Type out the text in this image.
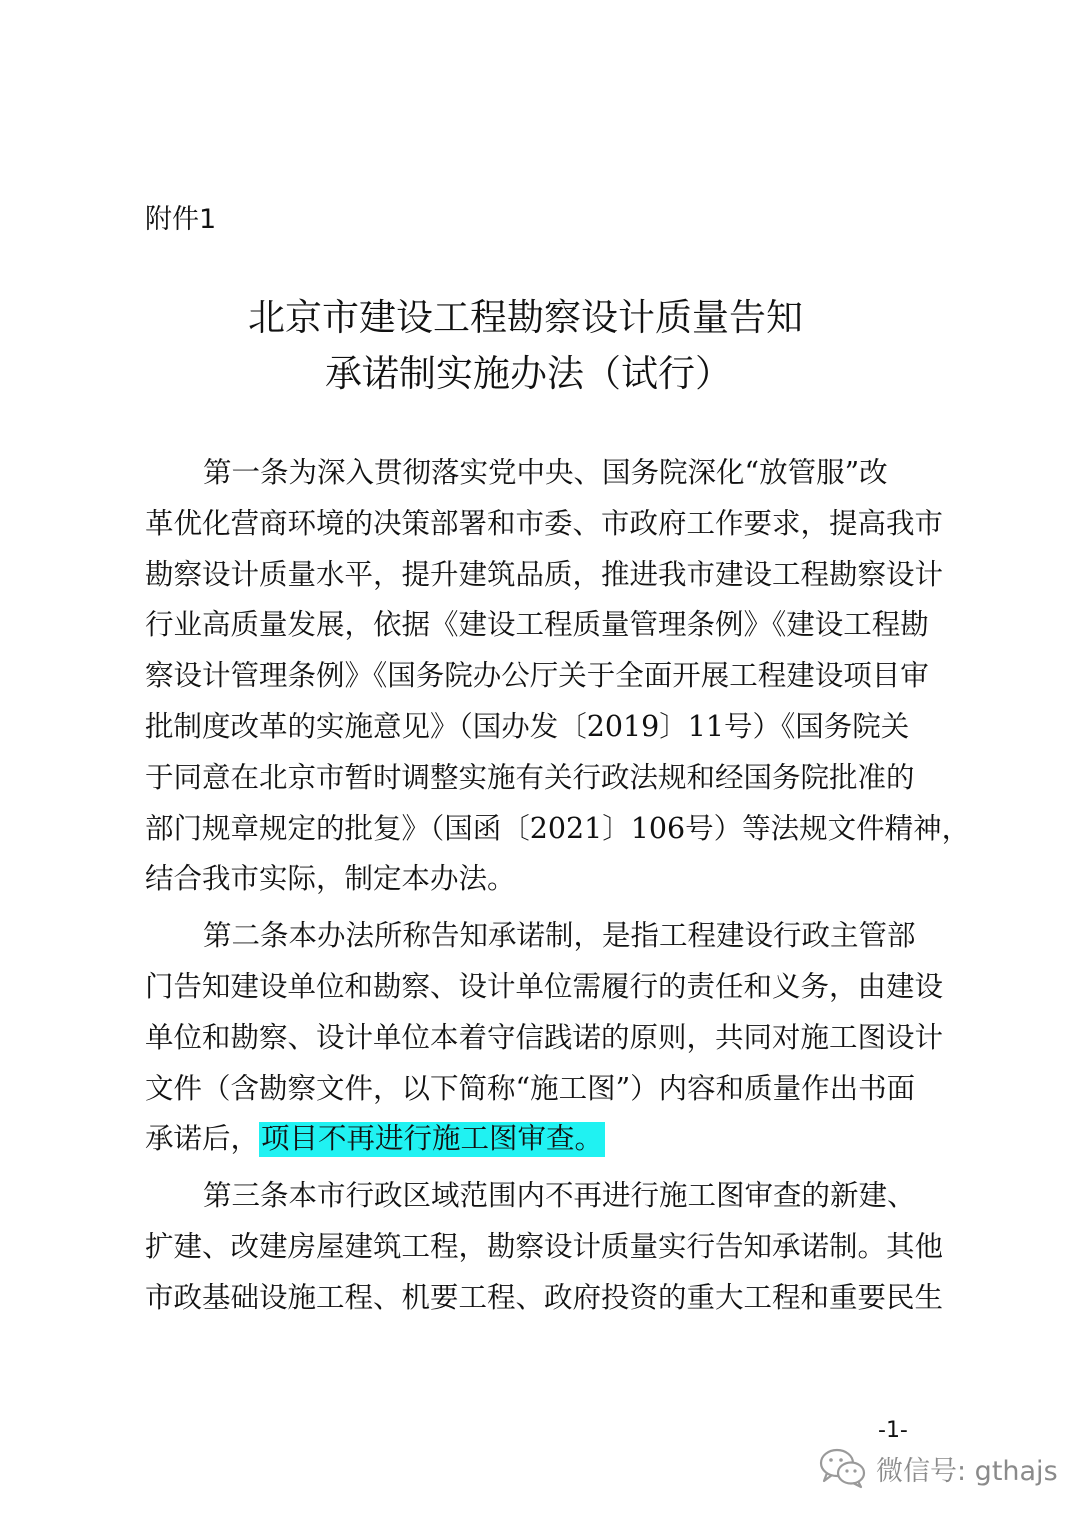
附件1

北京市建设工程勘察设计质量告知
承诺制实施办法（试行）
第一条为深入贯彻落实党中央、国务院深化“放管服”改
革优化营商环境的决策部署和市委、市政府工作要求，提高我市
勘察设计质量水平，提升建筑品质，推进我市建设工程勘察设计
行业高质量发展，依据《建设工程质量管理条例》《建设工程勘
察设计管理条例》《国务院办公厅关于全面开展工程建设项目审
批制度改革的实施意见》（国办发〔2019〕11号）《国务院关
于同意在北京市暂时调整实施有关行政法规和经国务院批准的
部门规章规定的批复》（国函〔2021〕106号）等法规文件精神，
结合我市实际，制定本办法。
第二条本办法所称告知承诺制，是指工程建设行政主管部
门告知建设单位和勘察、设计单位需履行的责任和义务，由建设
单位和勘察、设计单位本着守信践诺的原则，共同对施工图设计
文件（含勘察文件，以下简称“施工图”）内容和质量作出书面
承诺后，项目不再进行施工图审查。
第三条本市行政区域范围内不再进行施工图审查的新建、
扩建、改建房屋建筑工程，勘察设计质量实行告知承诺制。其他
市政基础设施工程、机要工程、政府投资的重大工程和重要民生

-1-

微信号: gthajs
